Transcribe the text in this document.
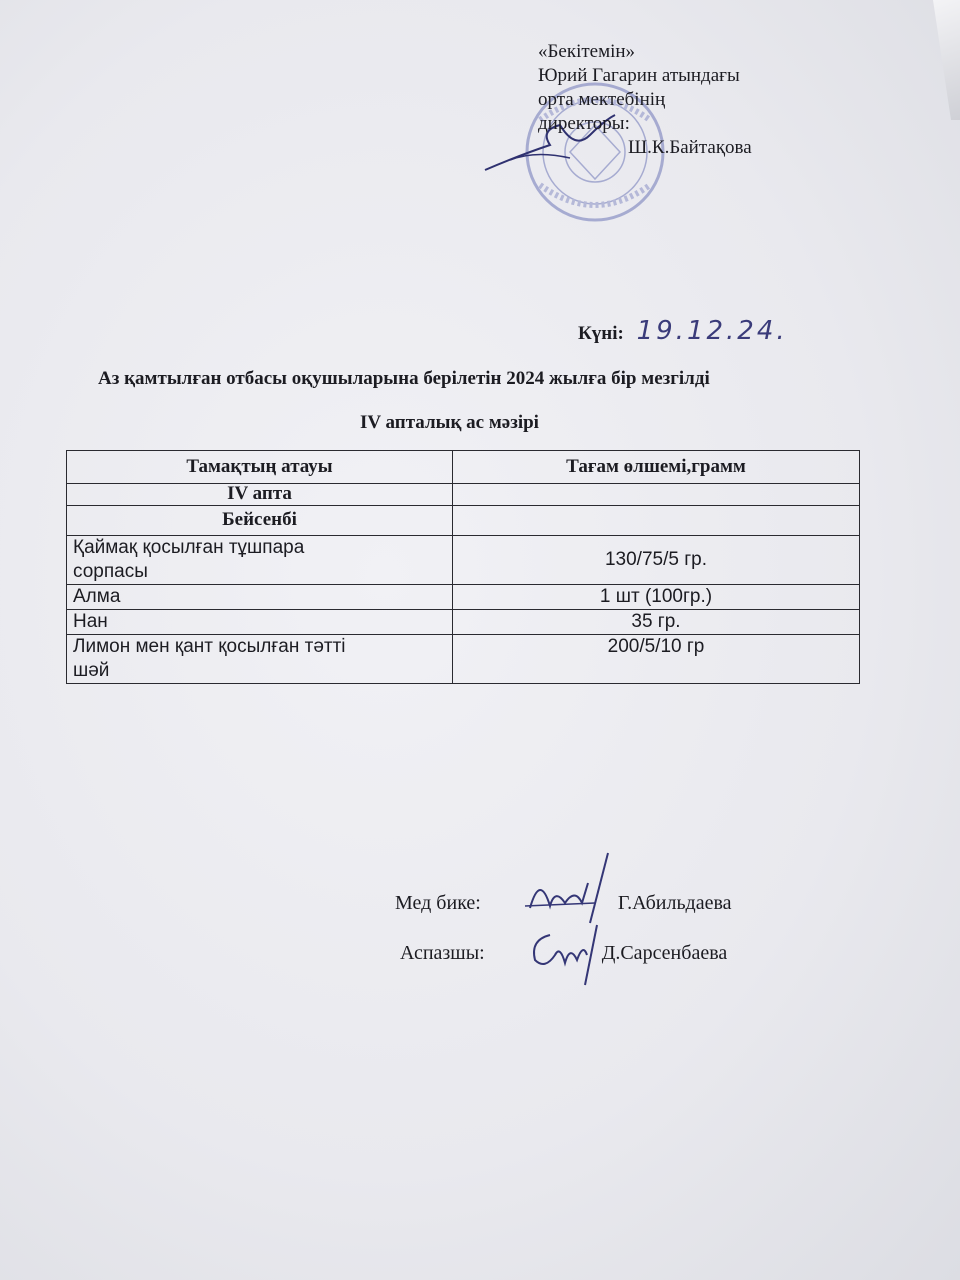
«Бекітемін»
Юрий Гагарин атындағы
орта мектебінің
директоры:
Ш.К.Байтақова
Күні: 19.12.24.
Аз қамтылған отбасы оқушыларына берілетін 2024 жылға бір мезгілді
IV апталық ас мәзірі
Тамақтың атауы	Тағам өлшемі,грамм
IV апта	
Бейсенбі	

Қаймақ қосылған тұшпара
сорпасы	130/75/5 гр.
Алма	1 шт (100гр.)
Нан	35 гр.

Лимон мен қант қосылған тәтті
шәй	200/5/10 гр
Мед бике:	Г.Абильдаева
Аспазшы:	Д.Сарсенбаева
